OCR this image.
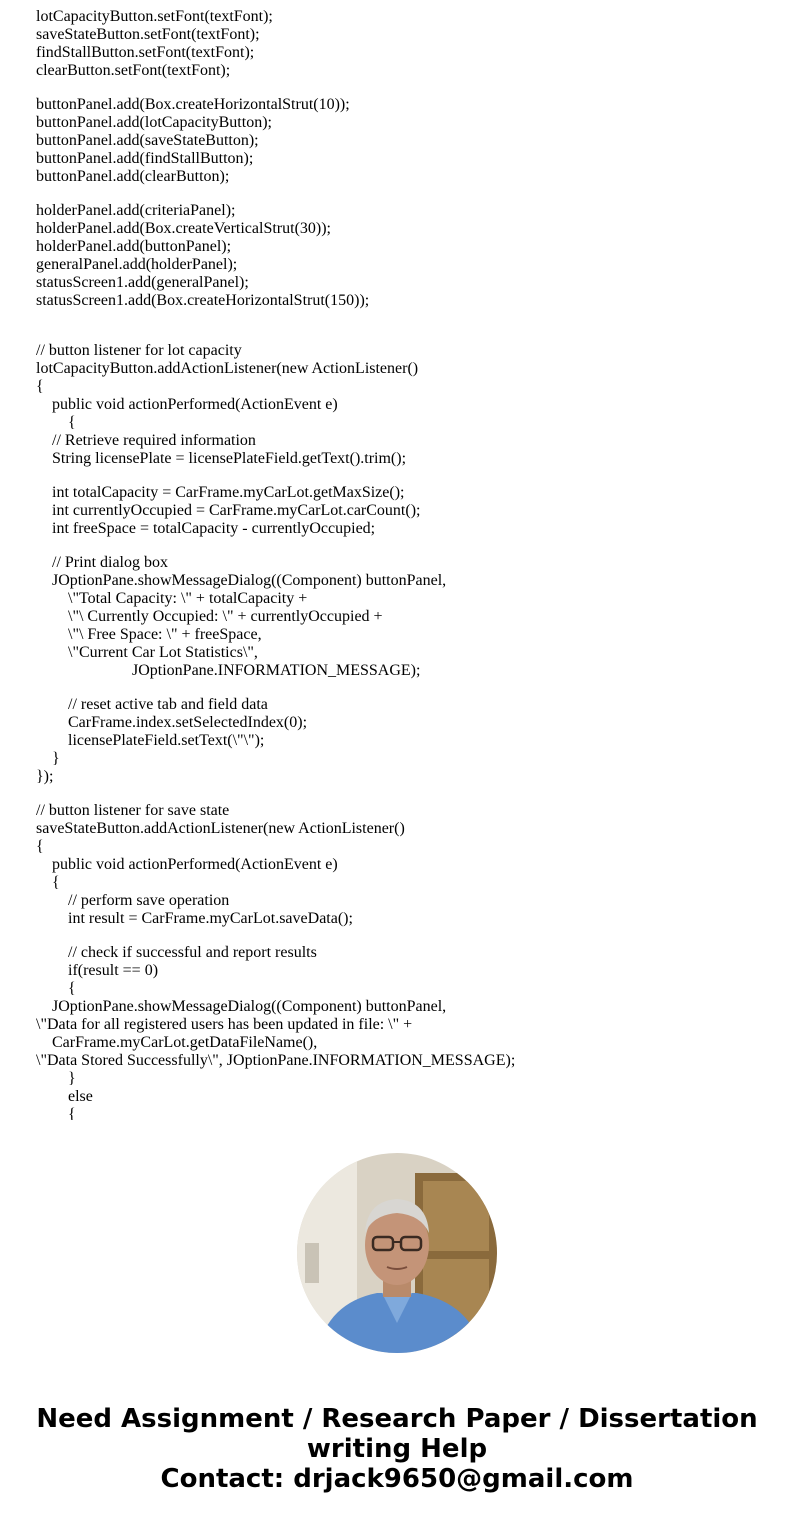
lotCapacityButton.setFont(textFont);
saveStateButton.setFont(textFont);
findStallButton.setFont(textFont);
clearButton.setFont(textFont);
buttonPanel.add(Box.createHorizontalStrut(10));
buttonPanel.add(lotCapacityButton);
buttonPanel.add(saveStateButton);
buttonPanel.add(findStallButton);
buttonPanel.add(clearButton);
holderPanel.add(criteriaPanel);
holderPanel.add(Box.createVerticalStrut(30));
holderPanel.add(buttonPanel);
generalPanel.add(holderPanel);
statusScreen1.add(generalPanel);
statusScreen1.add(Box.createHorizontalStrut(150));
// button listener for lot capacity
lotCapacityButton.addActionListener(new ActionListener()
{
public void actionPerformed(ActionEvent e)
{
// Retrieve required information
String licensePlate = licensePlateField.getText().trim();
int totalCapacity = CarFrame.myCarLot.getMaxSize();
int currentlyOccupied = CarFrame.myCarLot.carCount();
int freeSpace = totalCapacity - currentlyOccupied;
// Print dialog box
JOptionPane.showMessageDialog((Component) buttonPanel,
\"Total Capacity: \" + totalCapacity +
\"\ Currently Occupied: \" + currentlyOccupied +
\"\ Free Space: \" + freeSpace,
\"Current Car Lot Statistics\",
JOptionPane.INFORMATION_MESSAGE);
// reset active tab and field data
CarFrame.index.setSelectedIndex(0);
licensePlateField.setText(\"\");
}
});
// button listener for save state
saveStateButton.addActionListener(new ActionListener()
{
public void actionPerformed(ActionEvent e)
{
// perform save operation
int result = CarFrame.myCarLot.saveData();
// check if successful and report results
if(result == 0)
{
JOptionPane.showMessageDialog((Component) buttonPanel,
\"Data for all registered users has been updated in file: \" +
CarFrame.myCarLot.getDataFileName(),
\"Data Stored Successfully\", JOptionPane.INFORMATION_MESSAGE);
}
else
{
Need Assignment / Research Paper / Dissertation
writing Help
Contact: drjack9650@gmail.com
